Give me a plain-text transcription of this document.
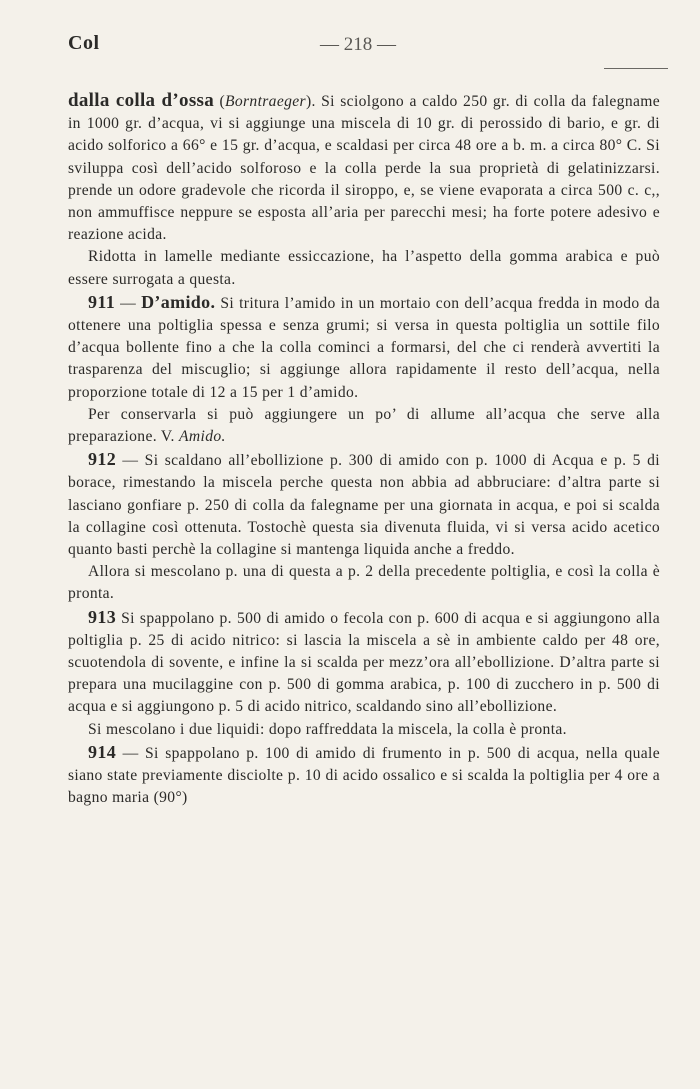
Col	— 218 —

dalla colla d’ossa (Borntraeger). Si sciolgono a caldo 250 gr. di colla da falegname in 1000 gr. d’acqua, vi si aggiunge una miscela di 10 gr. di perossido di bario, e gr. di acido solforico a 66° e 15 gr. d’acqua, e scaldasi per circa 48 ore a b. m. a circa 80° C. Si sviluppa così dell’acido solforoso e la colla perde la sua proprietà di gelatinizzarsi. prende un odore gradevole che ricorda il siroppo, e, se viene evaporata a circa 500 c. c,, non ammuffisce neppure se esposta all’aria per parecchi mesi; ha forte potere adesivo e reazione acida.

Ridotta in lamelle mediante essiccazione, ha l’aspetto della gomma arabica e può essere surrogata a questa.

911 — D’amido. Si tritura l’amido in un mortaio con dell’acqua fredda in modo da ottenere una poltiglia spessa e senza grumi; si versa in questa poltiglia un sottile filo d’acqua bollente fino a che la colla cominci a formarsi, del che ci renderà avvertiti la trasparenza del miscuglio; si aggiunge allora rapidamente il resto dell’acqua, nella proporzione totale di 12 a 15 per 1 d’amido.

Per conservarla si può aggiungere un po’ di allume all’acqua che serve alla preparazione. V. Amido.

912 — Si scaldano all’ebollizione p. 300 di amido con p. 1000 di Acqua e p. 5 di borace, rimestando la miscela perche questa non abbia ad abbruciare: d’altra parte si lasciano gonfiare p. 250 di colla da falegname per una giornata in acqua, e poi si scalda la collagine così ottenuta. Tostochè questa sia divenuta fluida, vi si versa acido acetico quanto basti perchè la collagine si mantenga liquida anche a freddo.

Allora si mescolano p. una di questa a p. 2 della precedente poltiglia, e così la colla è pronta.

913 Si spappolano p. 500 di amido o fecola con p. 600 di acqua e si aggiungono alla poltiglia p. 25 di acido nitrico: si lascia la miscela a sè in ambiente caldo per 48 ore, scuotendola di sovente, e infine la si scalda per mezz’ora all’ebollizione. D’altra parte si prepara una mucilaggine con p. 500 di gomma arabica, p. 100 di zucchero in p. 500 di acqua e si aggiungono p. 5 di acido nitrico, scaldando sino all’ebollizione.

Si mescolano i due liquidi: dopo raffreddata la miscela, la colla è pronta.

914 — Si spappolano p. 100 di amido di frumento in p. 500 di acqua, nella quale siano state previamente disciolte p. 10 di acido ossalico e si scalda la poltiglia per 4 ore a bagno maria (90°)
